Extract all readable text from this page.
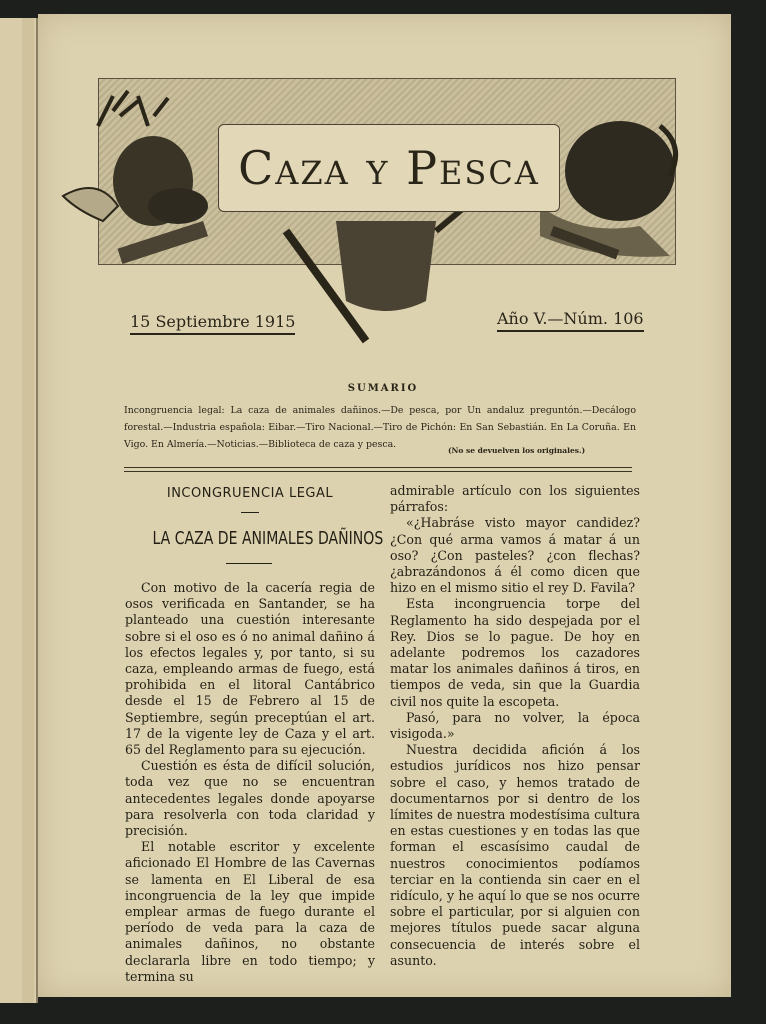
Caza y Pesca
15 Septiembre 1915	Año V.—Núm. 106
SUMARIO
Incongruencia legal: La caza de animales dañinos.—De pesca, por Un andaluz preguntón.—Decálogo forestal.—Industria española: Eibar.—Tiro Nacional.—Tiro de Pichón: En San Sebastián. En La Coruña. En Vigo. En Almería.—Noticias.—Biblioteca de caza y pesca.
(No se devuelven los originales.)
INCONGRUENCIA LEGAL
LA CAZA DE ANIMALES DAÑINOS

Con motivo de la cacería regia de osos verificada en Santander, se ha planteado una cuestión interesante sobre si el oso es ó no animal dañino á los efectos legales y, por tanto, si su caza, empleando armas de fuego, está prohibida en el litoral Cantábrico desde el 15 de Febrero al 15 de Septiembre, según preceptúan el art. 17 de la vigente ley de Caza y el art. 65 del Reglamento para su ejecución.

Cuestión es ésta de difícil solución, toda vez que no se encuentran antecedentes legales donde apoyarse para resolverla con toda claridad y precisión.

El notable escritor y excelente aficionado El Hombre de las Cavernas se lamenta en El Liberal de esa incongruencia de la ley que impide emplear armas de fuego durante el período de veda para la caza de animales dañinos, no obstante declararla libre en todo tiempo; y termina su

admirable artículo con los siguientes párrafos:

«¿Habráse visto mayor candidez? ¿Con qué arma vamos á matar á un oso? ¿Con pasteles? ¿con flechas? ¿abrazándonos á él como dicen que hizo en el mismo sitio el rey D. Favila?

Esta incongruencia torpe del Reglamento ha sido despejada por el Rey. Dios se lo pague. De hoy en adelante podremos los cazadores matar los animales dañinos á tiros, en tiempos de veda, sin que la Guardia civil nos quite la escopeta.

Pasó, para no volver, la época visigoda.»

Nuestra decidida afición á los estudios jurídicos nos hizo pensar sobre el caso, y hemos tratado de documentarnos por si dentro de los límites de nuestra modestísima cultura en estas cuestiones y en todas las que forman el escasísimo caudal de nuestros conocimientos podíamos terciar en la contienda sin caer en el ridículo, y he aquí lo que se nos ocurre sobre el particular, por si alguien con mejores títulos puede sacar alguna consecuencia de interés sobre el asunto.
